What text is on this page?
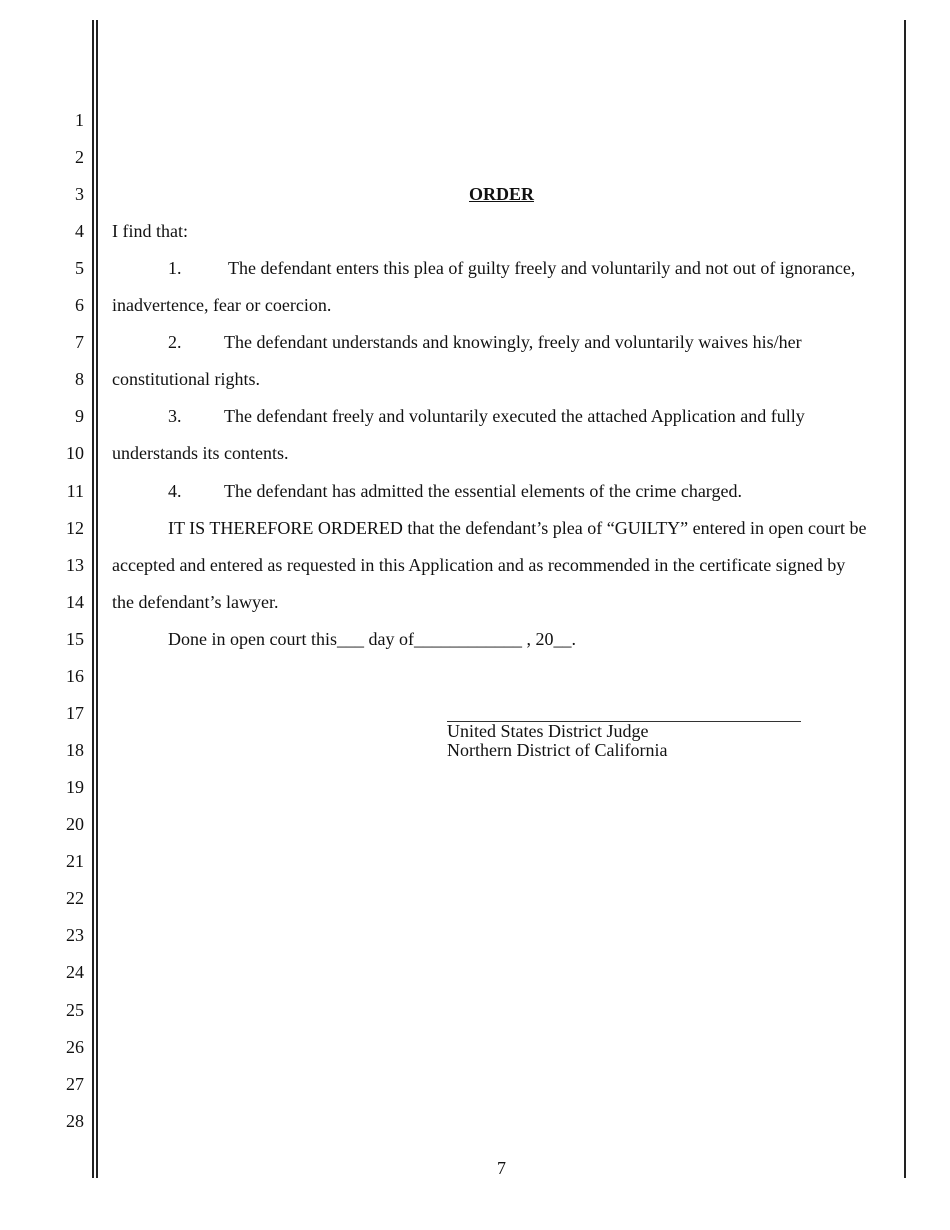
1
2
3
4
5
6
7
8
9
10
11
12
13
14
15
16
17
18
19
20
21
22
23
24
25
26
27
28
ORDER
I find that:
1.	The defendant enters this plea of guilty freely and voluntarily and not out of ignorance,
inadvertence, fear or coercion.
2. The defendant understands and knowingly, freely and voluntarily waives his/her
constitutional rights.
3. The defendant freely and voluntarily executed the attached Application and fully
understands its contents.
4. The defendant has admitted the essential elements of the crime charged.
IT IS THEREFORE ORDERED that the defendant’s plea of “GUILTY” entered in open court be
accepted and entered as requested in this Application and as recommended in the certificate signed by
the defendant’s lawyer.
Done in open court this___ day of____________ , 20__.
United States District Judge
Northern District of California
7
